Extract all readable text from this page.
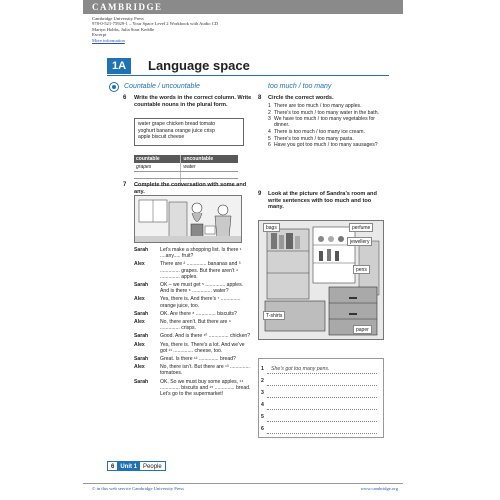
CAMBRIDGE
Cambridge University Press
978-0-521-75929-1 – Your Space Level 2 Workbook with Audio CD
Martyn Hobbs, Julia Starr Keddle
Excerpt
More information
1A	Language space
Countable / uncountable
6 Write the words in the correct column. Write countable nouns in the plural form.
water grape chicken bread tomato
yoghurt banana orange juice crisp
apple biscuit cheese
countable	uncountable
grapes	water

7 Complete the conversation with some and any.
Sarah	Let’s make a shopping list. Is there ¹ ....any..... fruit?
Alex	There are ² .............. bananas and ³ .............. grapes. But there aren’t ⁴ .............. apples.
Sarah	OK – we must get ⁵ .............. apples. And is there ⁶ .............. water?
Alex	Yes, there is. And there’s ⁷ .............. orange juice, too.
Sarah	OK. Are there ⁸ .............. biscuits?
Alex	No, there aren’t. But there are ⁹ .............. crisps.
Sarah	Good. And is there ¹⁰ .............. chicken?
Alex	Yes, there is. There’s a lot. And we’ve got ¹¹ .............. cheese, too.
Sarah	Great. Is there ¹² .............. bread?
Alex	No, there isn’t. But there are ¹³ .............. tomatoes.
Sarah	OK. So we must buy some apples, ¹⁴ .............. biscuits and ¹⁵ .............. bread. Let’s go to the supermarket!
too much / too many
8 Circle the correct words.
1 There are too much / too many apples.
2 There’s too much / too many water in the bath.
3 We have too much / too many vegetables for dinner.
4 There is too much / too many ice cream.
5 There’s too much / too many pasta.
6 Have you got too much / too many sausages?
9 Look at the picture of Sandra’s room and write sentences with too much and too many.
bags	perfume
jewellery
pens
T-shirts
paper
1 She’s got too many pens.
2
3
4
5
6
6	Unit 1	People
© in this web service Cambridge University Press	www.cambridge.org
